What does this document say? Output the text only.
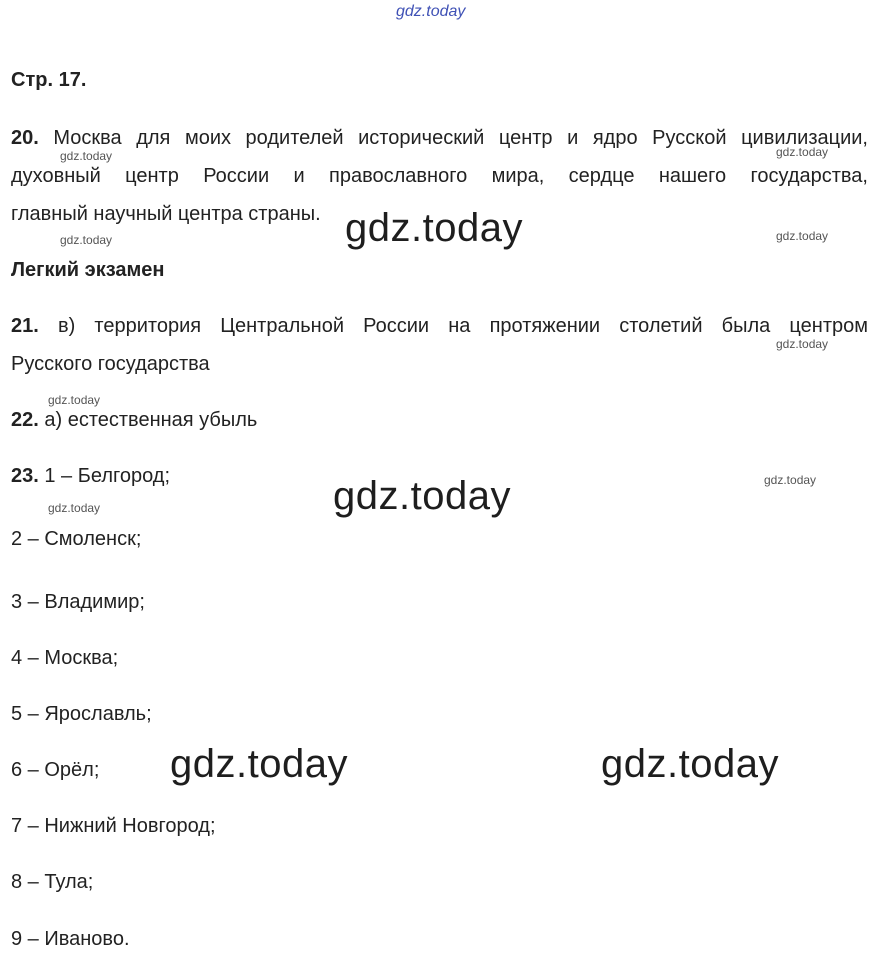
gdz.today
Стр. 17.
20. Москва для моих родителей исторический центр и ядро Русской цивилизации,
духовный центр России и православного мира, сердце нашего государства,
главный научный центра страны.
Легкий экзамен
21. в) территория Центральной России на протяжении столетий была центром
Русского государства
22. а) естественная убыль
23. 1 – Белгород;
2 – Смоленск;
3 – Владимир;
4 – Москва;
5 – Ярославль;
6 – Орёл;
7 – Нижний Новгород;
8 – Тула;
9 – Иваново.
gdz.today	gdz.today
gdz.today	gdz.today
gdz.today
gdz.today
gdz.today
gdz.today
gdz.today
gdz.today
gdz.today	gdz.today
